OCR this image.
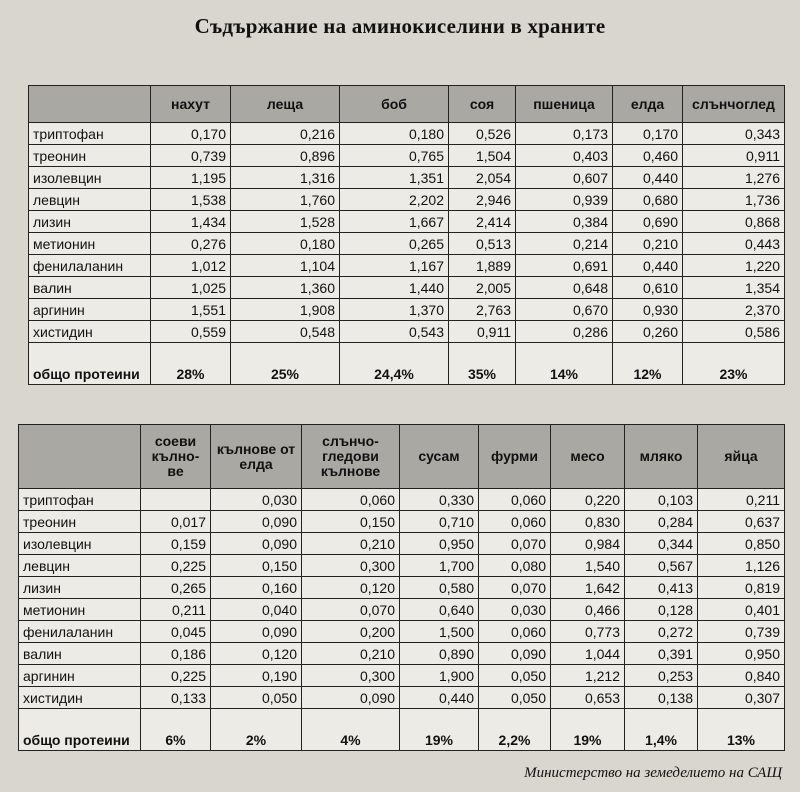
Съдържание на аминокиселини в храните
	нахут	леща	боб	соя	пшеница	елда	слънчоглед
триптофан	0,170	0,216	0,180	0,526	0,173	0,170	0,343
треонин	0,739	0,896	0,765	1,504	0,403	0,460	0,911
изолевцин	1,195	1,316	1,351	2,054	0,607	0,440	1,276
левцин	1,538	1,760	2,202	2,946	0,939	0,680	1,736
лизин	1,434	1,528	1,667	2,414	0,384	0,690	0,868
метионин	0,276	0,180	0,265	0,513	0,214	0,210	0,443
фенилаланин	1,012	1,104	1,167	1,889	0,691	0,440	1,220
валин	1,025	1,360	1,440	2,005	0,648	0,610	1,354
аргинин	1,551	1,908	1,370	2,763	0,670	0,930	2,370
хистидин	0,559	0,548	0,543	0,911	0,286	0,260	0,586
общо протеини	28%	25%	24,4%	35%	14%	12%	23%
	соеви кълно-ве	кълнове от елда	слънчо-гледови кълнове	сусам	фурми	месо	мляко	яйца
триптофан		0,030	0,060	0,330	0,060	0,220	0,103	0,211
треонин	0,017	0,090	0,150	0,710	0,060	0,830	0,284	0,637
изолевцин	0,159	0,090	0,210	0,950	0,070	0,984	0,344	0,850
левцин	0,225	0,150	0,300	1,700	0,080	1,540	0,567	1,126
лизин	0,265	0,160	0,120	0,580	0,070	1,642	0,413	0,819
метионин	0,211	0,040	0,070	0,640	0,030	0,466	0,128	0,401
фенилаланин	0,045	0,090	0,200	1,500	0,060	0,773	0,272	0,739
валин	0,186	0,120	0,210	0,890	0,090	1,044	0,391	0,950
аргинин	0,225	0,190	0,300	1,900	0,050	1,212	0,253	0,840
хистидин	0,133	0,050	0,090	0,440	0,050	0,653	0,138	0,307
общо протеини	6%	2%	4%	19%	2,2%	19%	1,4%	13%
Министерство на земеделието на САЩ
